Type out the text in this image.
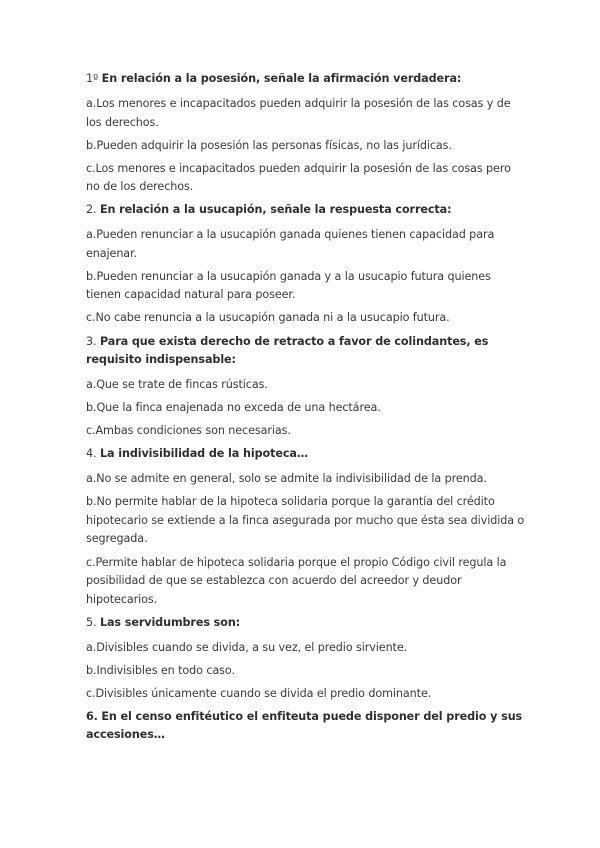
1º En relación a la posesión, señale la afirmación verdadera:

a.Los menores e incapacitados pueden adquirir la posesión de las cosas y de los derechos.

b.Pueden adquirir la posesión las personas físicas, no las jurídicas.

c.Los menores e incapacitados pueden adquirir la posesión de las cosas pero no de los derechos.

2. En relación a la usucapión, señale la respuesta correcta:

a.Pueden renunciar a la usucapión ganada quienes tienen capacidad para enajenar.

b.Pueden renunciar a la usucapión ganada y a la usucapio futura quienes tienen capacidad natural para poseer.

c.No cabe renuncia a la usucapión ganada ni a la usucapio futura.

3. Para que exista derecho de retracto a favor de colindantes, es requisito indispensable:

a.Que se trate de fincas rústicas.

b.Que la finca enajenada no exceda de una hectárea.

c.Ambas condiciones son necesarias.

4. La indivisibilidad de la hipoteca…

a.No se admite en general, solo se admite la indivisibilidad de la prenda.

b.No permite hablar de la hipoteca solidaria porque la garantía del crédito hipotecario se extiende a la finca asegurada por mucho que ésta sea dividida o segregada.

c.Permite hablar de hipoteca solidaria porque el propio Código civil regula la posibilidad de que se establezca con acuerdo del acreedor y deudor hipotecarios.

5. Las servidumbres son:

a.Divisibles cuando se divida, a su vez, el predio sirviente.

b.Indivisibles en todo caso.

c.Divisibles únicamente cuando se divida el predio dominante.

6. En el censo enfitéutico el enfiteuta puede disponer del predio y sus accesiones…
